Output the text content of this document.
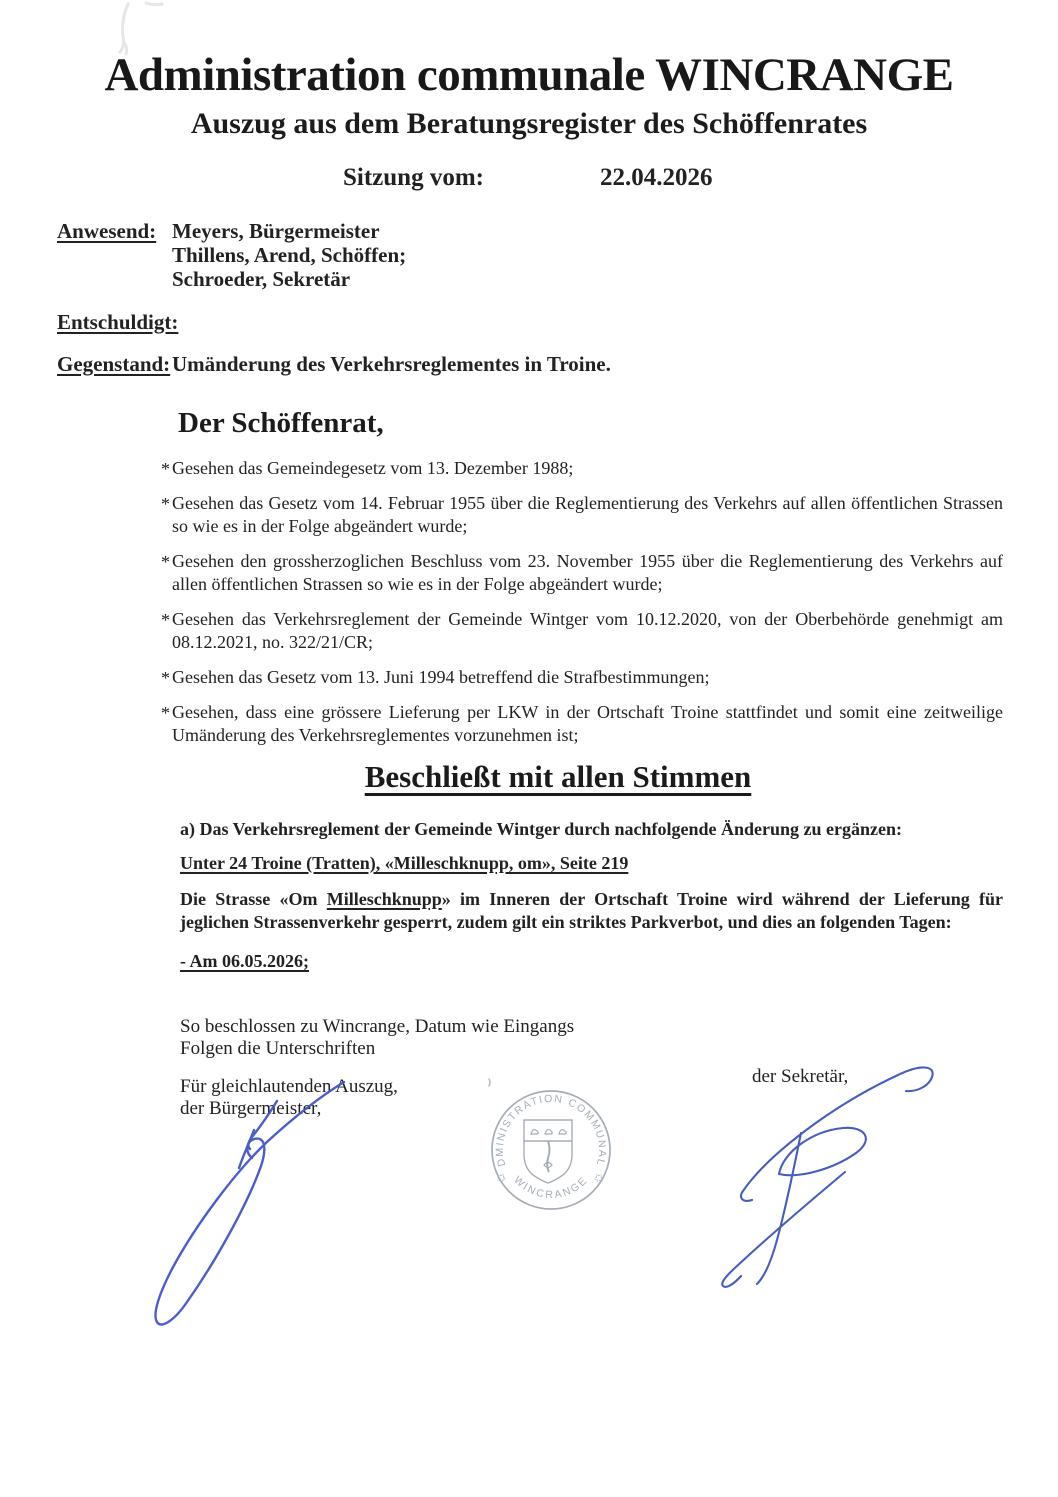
Administration communale WINCRANGE
Auszug aus dem Beratungsregister des Schöffenrates
Sitzung vom:	22.04.2026
Anwesend: Meyers, Bürgermeister
Thillens, Arend, Schöffen;
Schroeder, Sekretär
Entschuldigt:
Gegenstand: Umänderung des Verkehrsreglementes in Troine.
Der Schöffenrat,
* Gesehen das Gemeindegesetz vom 13. Dezember 1988;
* Gesehen das Gesetz vom 14. Februar 1955 über die Reglementierung des Verkehrs auf allen öffentlichen Strassen so wie es in der Folge abgeändert wurde;
* Gesehen den grossherzoglichen Beschluss vom 23. November 1955 über die Reglementierung des Verkehrs auf allen öffentlichen Strassen so wie es in der Folge abgeändert wurde;
* Gesehen das Verkehrsreglement der Gemeinde Wintger vom 10.12.2020, von der Oberbehörde genehmigt am 08.12.2021, no. 322/21/CR;
* Gesehen das Gesetz vom 13. Juni 1994 betreffend die Strafbestimmungen;
* Gesehen, dass eine grössere Lieferung per LKW in der Ortschaft Troine stattfindet und somit eine zeitweilige Umänderung des Verkehrsreglementes vorzunehmen ist;
Beschließt mit allen Stimmen
a) Das Verkehrsreglement der Gemeinde Wintger durch nachfolgende Änderung zu ergänzen:
Unter 24 Troine (Tratten), «Milleschknupp, om», Seite 219
Die Strasse «Om Milleschknupp» im Inneren der Ortschaft Troine wird während der Lieferung für jeglichen Strassenverkehr gesperrt, zudem gilt ein striktes Parkverbot, und dies an folgenden Tagen:
- Am 06.05.2026;
So beschlossen zu Wincrange, Datum wie Eingangs
Folgen die Unterschriften
Für gleichlautenden Auszug,
der Bürgermeister,
der Sekretär,
ADMINISTRATION COMMUNALE
WINCRANGE
✩	✩
